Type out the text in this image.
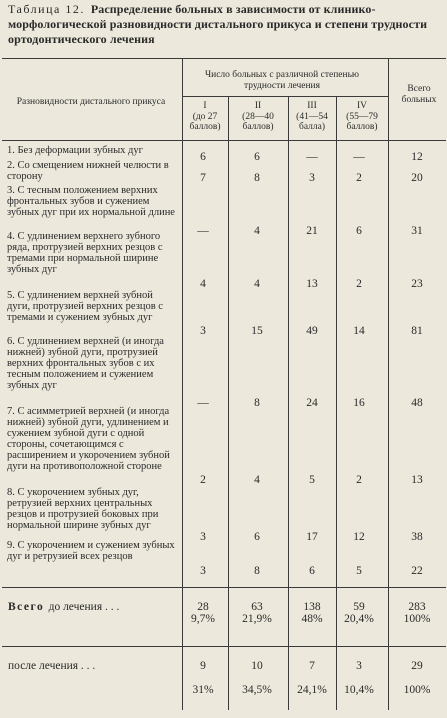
Таблица 12. Распределение больных в зависимости от клинико-морфологической разновидности дистального прикуса и степени трудности ортодонтического лечения
Разновидности дистального прикуса
Число больных с различной степенью трудности лечения	Всего больных
I
(до 27 баллов)
II
(28—40 баллов)
III
(41—54 балла)
IV
(55—79 баллов)
1. Без деформации зубных дуг
6	6	—	—	12
2. Со смещением нижней челюсти в сторону	7	8	3	2	20
3. С тесным положением верхних фронтальных зубов и сужением зубных дуг при их нормальной длине
—	4	21	6	31
4. С удлинением верхнего зубного ряда, протрузией верхних резцов с тремами при нормальной ширине зубных дуг
4	4	13	2	23
5. С удлинением верхней зубной дуги, протрузией верхних резцов с тремами и сужением зубных дуг
3	15	49	14	81
6. С удлинением верхней (и иногда нижней) зубной дуги, протрузией верхних фронтальных зубов с их тесным положением и сужением зубных дуг
—	8	24	16	48
7. С асимметрией верхней (и иногда нижней) зубной дуги, удлинением и сужением зубной дуги с одной стороны, сочетающимся с расширением и укорочением зубной дуги на противоположной стороне
2	4	5	2	13
8. С укорочением зубных дуг, ретрузией верхних центральных резцов и протрузией боковых при нормальной ширине зубных дуг
3	6	17	12	38
9. С укорочением и сужением зубных дуг и ретрузией всех резцов
3	8	6	5	22
Всего до лечения . . .	28	63	138	59	283
9,7%	21,9%	48%	20,4%	100%
после лечения . . .	9	10	7	3	29
31%	34,5%	24,1%	10,4%	100%
